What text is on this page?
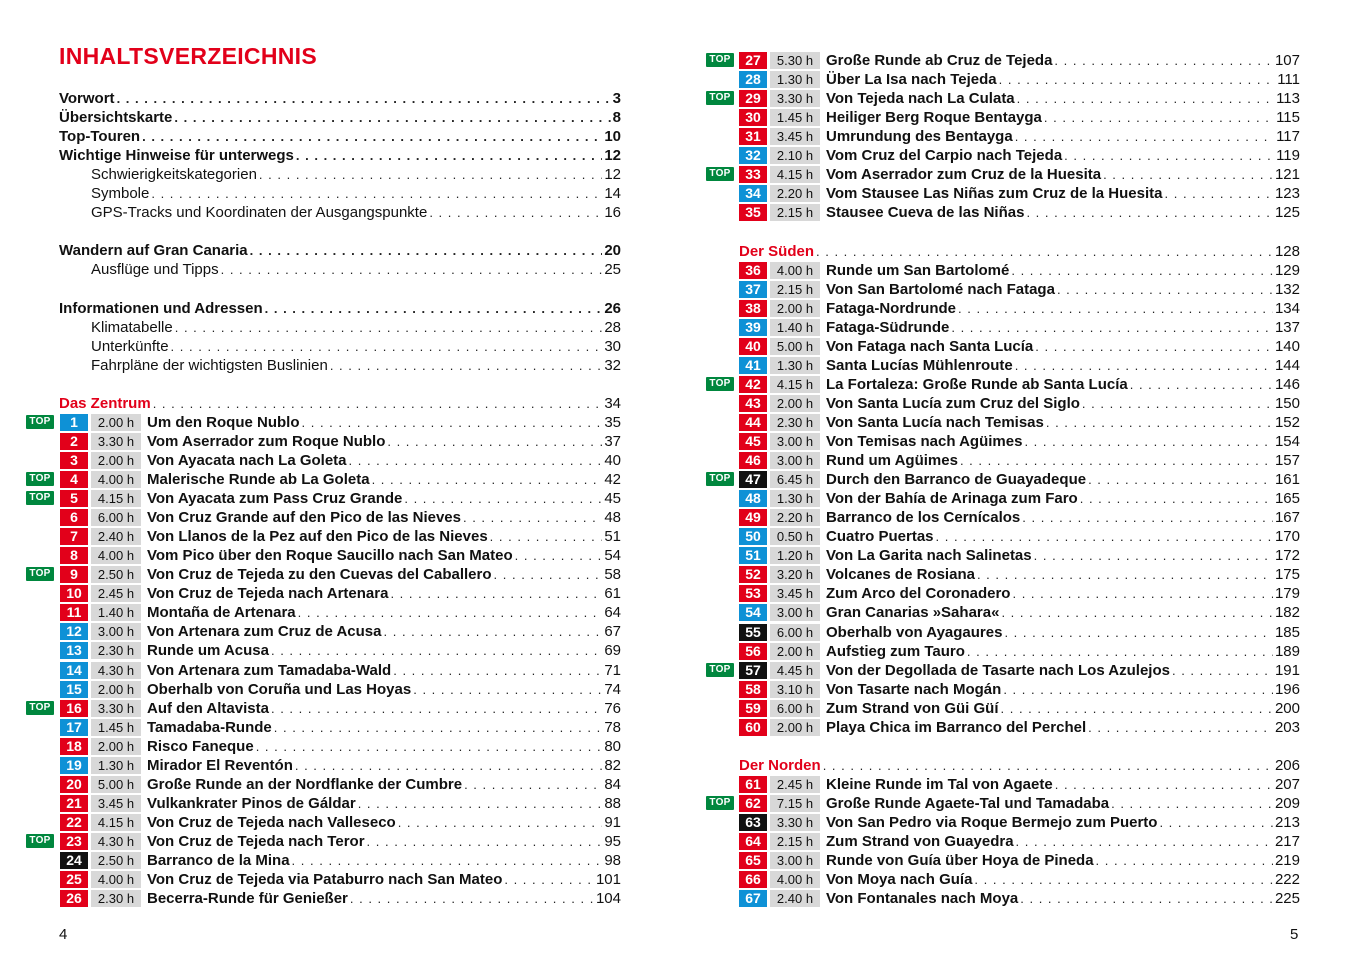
INHALTSVERZEICHNIS
Vorwort . . .	3
Übersichtskarte . . .	8
Top-Touren . . .	10
Wichtige Hinweise für unterwegs . . .	12
Schwierigkeitskategorien . . .	12
Symbole . . .	14
GPS-Tracks und Koordinaten der Ausgangspunkte . . .	16
Wandern auf Gran Canaria . . .	20
Ausflüge und Tipps . . .	25
Informationen und Adressen . . .	26
Klimatabelle . . .	28
Unterkünfte . . .	30
Fahrpläne der wichtigsten Buslinien . . .	32
Das Zentrum . . .	34
TOP	1	2.00 h Um den Roque Nublo . . .	35
2	3.30 h Vom Aserrador zum Roque Nublo . . .	37
3	2.00 h Von Ayacata nach La Goleta . . .	40
TOP	4	4.00 h Malerische Runde ab La Goleta . . .	42
TOP	5	4.15 h Von Ayacata zum Pass Cruz Grande . . .	45
6	6.00 h Von Cruz Grande auf den Pico de las Nieves . . .	48
7	2.40 h Von Llanos de la Pez auf den Pico de las Nieves . . .	51
8	4.00 h Vom Pico über den Roque Saucillo nach San Mateo . . .	54
TOP	9	2.50 h Von Cruz de Tejeda zu den Cuevas del Caballero . . .	58
10	2.45 h Von Cruz de Tejeda nach Artenara . . .	61
11	1.40 h Montaña de Artenara . . .	64
12	3.00 h Von Artenara zum Cruz de Acusa . . .	67
13	2.30 h Runde um Acusa . . .	69
14	4.30 h Von Artenara zum Tamadaba-Wald . . .	71
15	2.00 h Oberhalb von Coruña und Las Hoyas . . .	74
TOP	16	3.30 h Auf den Altavista . . .	76
17	1.45 h Tamadaba-Runde . . .	78
18	2.00 h Risco Faneque . . .	80
19	1.30 h Mirador El Reventón . . .	82
20	5.00 h Große Runde an der Nordflanke der Cumbre . . .	84
21	3.45 h Vulkankrater Pinos de Gáldar . . .	88
22	4.15 h Von Cruz de Tejeda nach Valleseco . . .	91
TOP	23	4.30 h Von Cruz de Tejeda nach Teror . . .	95
24	2.50 h Barranco de la Mina . . .	98
25	4.00 h Von Cruz de Tejeda via Pataburro nach San Mateo . . .	101
26	2.30 h Becerra-Runde für Genießer . . .	104
4
TOP	27	5.30 h Große Runde ab Cruz de Tejeda . . .	107
28	1.30 h Über La Isa nach Tejeda . . .	111
TOP	29	3.30 h Von Tejeda nach La Culata . . .	113
30	1.45 h Heiliger Berg Roque Bentayga . . .	115
31	3.45 h Umrundung des Bentayga . . .	117
32	2.10 h Vom Cruz del Carpio nach Tejeda . . .	119
TOP	33	4.15 h Vom Aserrador zum Cruz de la Huesita . . .	121
34	2.20 h Vom Stausee Las Niñas zum Cruz de la Huesita . . .	123
35	2.15 h Stausee Cueva de las Niñas . . .	125
Der Süden . . .	128
36	4.00 h Runde um San Bartolomé . . .	129
37	2.15 h Von San Bartolomé nach Fataga . . .	132
38	2.00 h Fataga-Nordrunde . . .	134
39	1.40 h Fataga-Südrunde . . .	137
40	5.00 h Von Fataga nach Santa Lucía . . .	140
41	1.30 h Santa Lucías Mühlenroute . . .	144
TOP	42	4.15 h La Fortaleza: Große Runde ab Santa Lucía . . .	146
43	2.00 h Von Santa Lucía zum Cruz del Siglo . . .	150
44	2.30 h Von Santa Lucía nach Temisas . . .	152
45	3.00 h Von Temisas nach Agüimes . . .	154
46	3.00 h Rund um Agüimes . . .	157
TOP	47	6.45 h Durch den Barranco de Guayadeque . . .	161
48	1.30 h Von der Bahía de Arinaga zum Faro . . .	165
49	2.20 h Barranco de los Cernícalos . . .	167
50	0.50 h Cuatro Puertas . . .	170
51	1.20 h Von La Garita nach Salinetas . . .	172
52	3.20 h Volcanes de Rosiana . . .	175
53	3.45 h Zum Arco del Coronadero . . .	179
54	3.00 h Gran Canarias »Sahara« . . .	182
55	6.00 h Oberhalb von Ayagaures . . .	185
56	2.00 h Aufstieg zum Tauro . . .	189
TOP	57	4.45 h Von der Degollada de Tasarte nach Los Azulejos . . .	191
58	3.10 h Von Tasarte nach Mogán . . .	196
59	6.00 h Zum Strand von Güi Güí . . .	200
60	2.00 h Playa Chica im Barranco del Perchel . . .	203
Der Norden . . .	206
61	2.45 h Kleine Runde im Tal von Agaete . . .	207
TOP	62	7.15 h Große Runde Agaete-Tal und Tamadaba . . .	209
63	3.30 h Von San Pedro via Roque Bermejo zum Puerto . . .	213
64	2.15 h Zum Strand von Guayedra . . .	217
65	3.00 h Runde von Guía über Hoya de Pineda . . .	219
66	4.00 h Von Moya nach Guía . . .	222
67	2.40 h Von Fontanales nach Moya . . .	225
5
